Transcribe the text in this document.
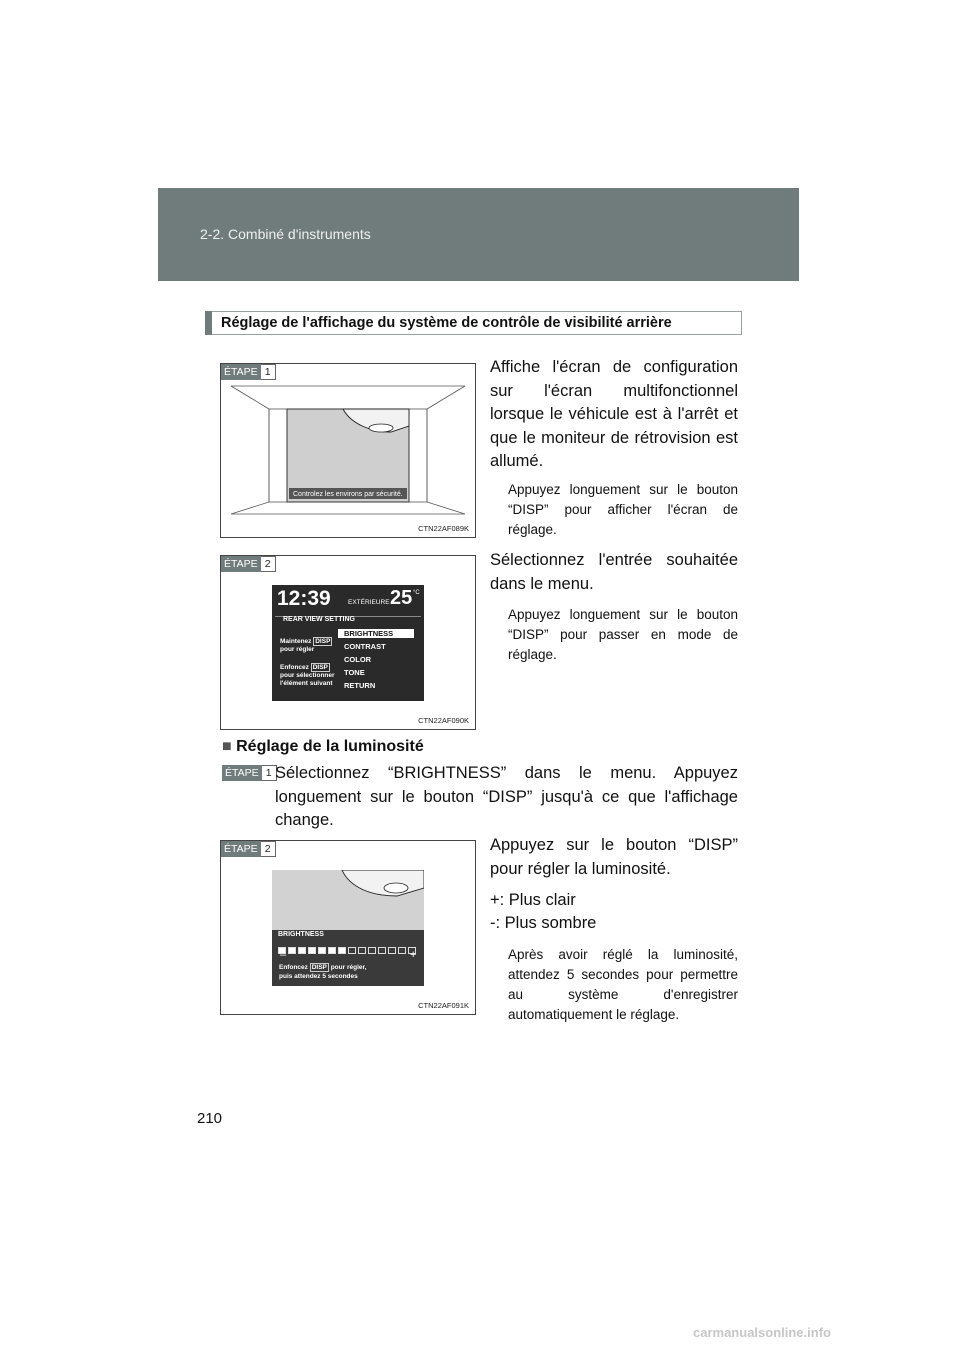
2-2. Combiné d'instruments
Réglage de l'affichage du système de contrôle de visibilité arrière
ÉTAPE 1
Controlez les environs par sécurité.
CTN22AF089K
Affiche l'écran de configuration sur l'écran multifonctionnel lorsque le véhicule est à l'arrêt et que le moniteur de rétrovision est allumé.
Appuyez longuement sur le bouton “DISP” pour afficher l'écran de réglage.
ÉTAPE 2
12:39	EXTÉRIEURE 25 °C
REAR VIEW SETTING
Maintenez DISP
pour régler
Enfoncez DISP
pour sélectionner
l'élément suivant
BRIGHTNESS
CONTRAST
COLOR
TONE
RETURN
CTN22AF090K
Sélectionnez l'entrée souhaitée dans le menu.
Appuyez longuement sur le bouton “DISP” pour passer en mode de réglage.
■ Réglage de la luminosité
ÉTAPE 1 Sélectionnez “BRIGHTNESS” dans le menu. Appuyez longuement sur le bouton “DISP” jusqu'à ce que l'affichage change.
ÉTAPE 2
BRIGHTNESS
–	+
Enfoncez DISP pour régler,
puis attendez 5 secondes
CTN22AF091K
Appuyez sur le bouton “DISP” pour régler la luminosité.
+: Plus clair
-: Plus sombre
Après avoir réglé la luminosité, attendez 5 secondes pour permettre au système d'enregistrer automatiquement le réglage.
210
carmanualsonline.info
